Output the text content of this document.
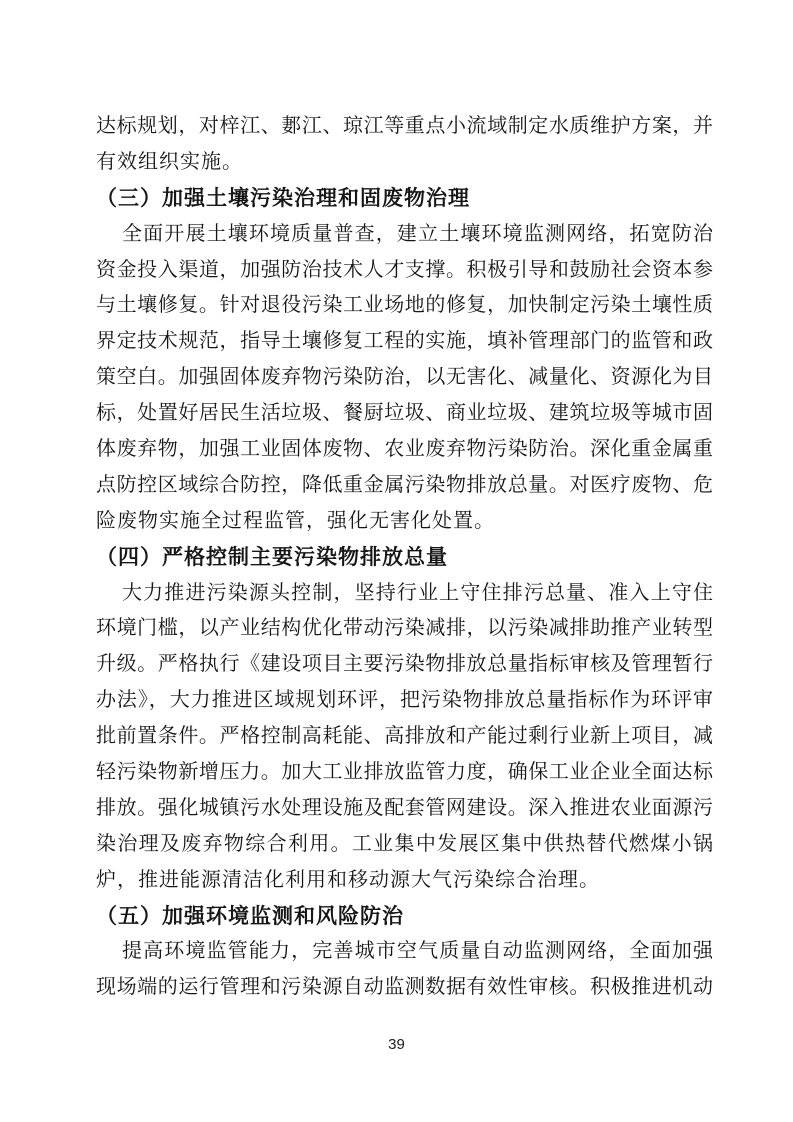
达标规划，对梓江、郪江、琼江等重点小流域制定水质维护方案，并
有效组织实施。
（三）加强土壤污染治理和固废物治理
全面开展土壤环境质量普查，建立土壤环境监测网络，拓宽防治
资金投入渠道，加强防治技术人才支撑。积极引导和鼓励社会资本参
与土壤修复。针对退役污染工业场地的修复，加快制定污染土壤性质
界定技术规范，指导土壤修复工程的实施，填补管理部门的监管和政
策空白。加强固体废弃物污染防治，以无害化、减量化、资源化为目
标，处置好居民生活垃圾、餐厨垃圾、商业垃圾、建筑垃圾等城市固
体废弃物，加强工业固体废物、农业废弃物污染防治。深化重金属重
点防控区域综合防控，降低重金属污染物排放总量。对医疗废物、危
险废物实施全过程监管，强化无害化处置。
（四）严格控制主要污染物排放总量
大力推进污染源头控制，坚持行业上守住排污总量、准入上守住
环境门槛，以产业结构优化带动污染减排，以污染减排助推产业转型
升级。严格执行《建设项目主要污染物排放总量指标审核及管理暂行
办法》，大力推进区域规划环评，把污染物排放总量指标作为环评审
批前置条件。严格控制高耗能、高排放和产能过剩行业新上项目，减
轻污染物新增压力。加大工业排放监管力度，确保工业企业全面达标
排放。强化城镇污水处理设施及配套管网建设。深入推进农业面源污
染治理及废弃物综合利用。工业集中发展区集中供热替代燃煤小锅
炉，推进能源清洁化利用和移动源大气污染综合治理。
（五）加强环境监测和风险防治
提高环境监管能力，完善城市空气质量自动监测网络，全面加强
现场端的运行管理和污染源自动监测数据有效性审核。积极推进机动
39
